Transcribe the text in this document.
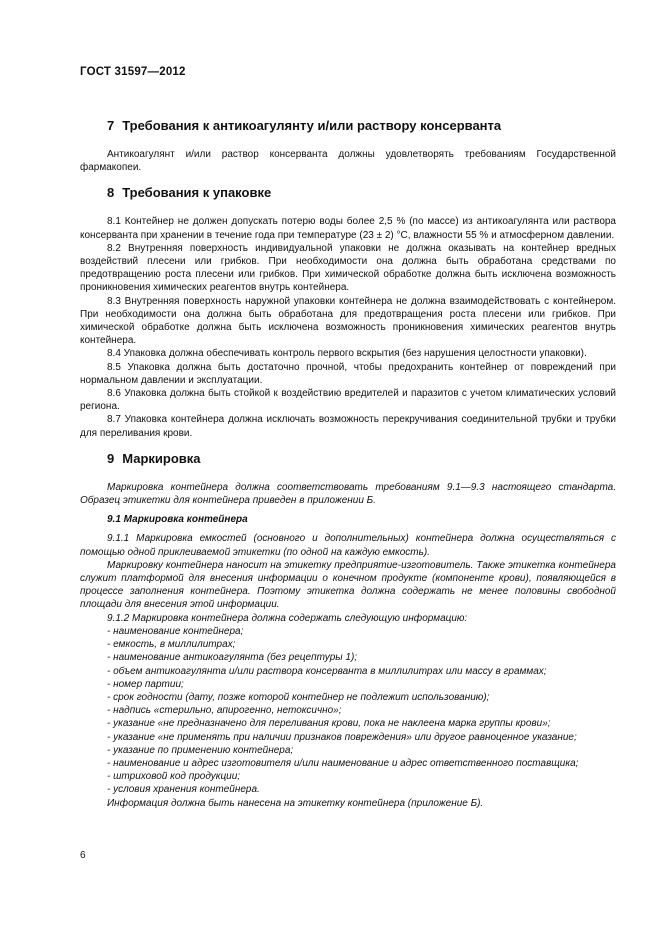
ГОСТ 31597—2012
7 Требования к антикоагулянту и/или раствору консерванта

Антикоагулянт и/или раствор консерванта должны удовлетворять требованиям Государственной фармакопеи.

8 Требования к упаковке

8.1 Контейнер не должен допускать потерю воды более 2,5 % (по массе) из антикоагулянта или раствора консерванта при хранении в течение года при температуре (23 ± 2) °С, влажности 55 % и атмосферном давлении.

8.2 Внутренняя поверхность индивидуальной упаковки не должна оказывать на контейнер вредных воздействий плесени или грибков. При необходимости она должна быть обработана средствами по предотвращению роста плесени или грибков. При химической обработке должна быть исключена возможность проникновения химических реагентов внутрь контейнера.

8.3 Внутренняя поверхность наружной упаковки контейнера не должна взаимодействовать с контейнером. При необходимости она должна быть обработана для предотвращения роста плесени или грибков. При химической обработке должна быть исключена возможность проникновения химических реагентов внутрь контейнера.

8.4 Упаковка должна обеспечивать контроль первого вскрытия (без нарушения целостности упаковки).

8.5 Упаковка должна быть достаточно прочной, чтобы предохранить контейнер от повреждений при нормальном давлении и эксплуатации.

8.6 Упаковка должна быть стойкой к воздействию вредителей и паразитов с учетом климатических условий региона.

8.7 Упаковка контейнера должна исключать возможность перекручивания соединительной трубки и трубки для переливания крови.

9 Маркировка

Маркировка контейнера должна соответствовать требованиям 9.1—9.3 настоящего стандарта. Образец этикетки для контейнера приведен в приложении Б.

9.1 Маркировка контейнера

9.1.1 Маркировка емкостей (основного и дополнительных) контейнера должна осуществляться с помощью одной приклеиваемой этикетки (по одной на каждую емкость).

Маркировку контейнера наносит на этикетку предприятие-изготовитель. Также этикетка контейнера служит платформой для внесения информации о конечном продукте (компоненте крови), появляющейся в процессе заполнения контейнера. Поэтому этикетка должна содержать не менее половины свободной площади для внесения этой информации.

9.1.2 Маркировка контейнера должна содержать следующую информацию:

- наименование контейнера;

- емкость, в миллилитрах;

- наименование антикоагулянта (без рецептуры 1);

- объем антикоагулянта и/или раствора консерванта в миллилитрах или массу в граммах;

- номер партии;

- срок годности (дату, позже которой контейнер не подлежит использованию);

- надпись «стерильно, апирогенно, нетоксично»;

- указание «не предназначено для переливания крови, пока не наклеена марка группы крови»;

- указание «не применять при наличии признаков повреждения» или другое равноценное указание;

- указание по применению контейнера;

- наименование и адрес изготовителя и/или наименование и адрес ответственного поставщика;

- штриховой код продукции;

- условия хранения контейнера.

Информация должна быть нанесена на этикетку контейнера (приложение Б).

6
